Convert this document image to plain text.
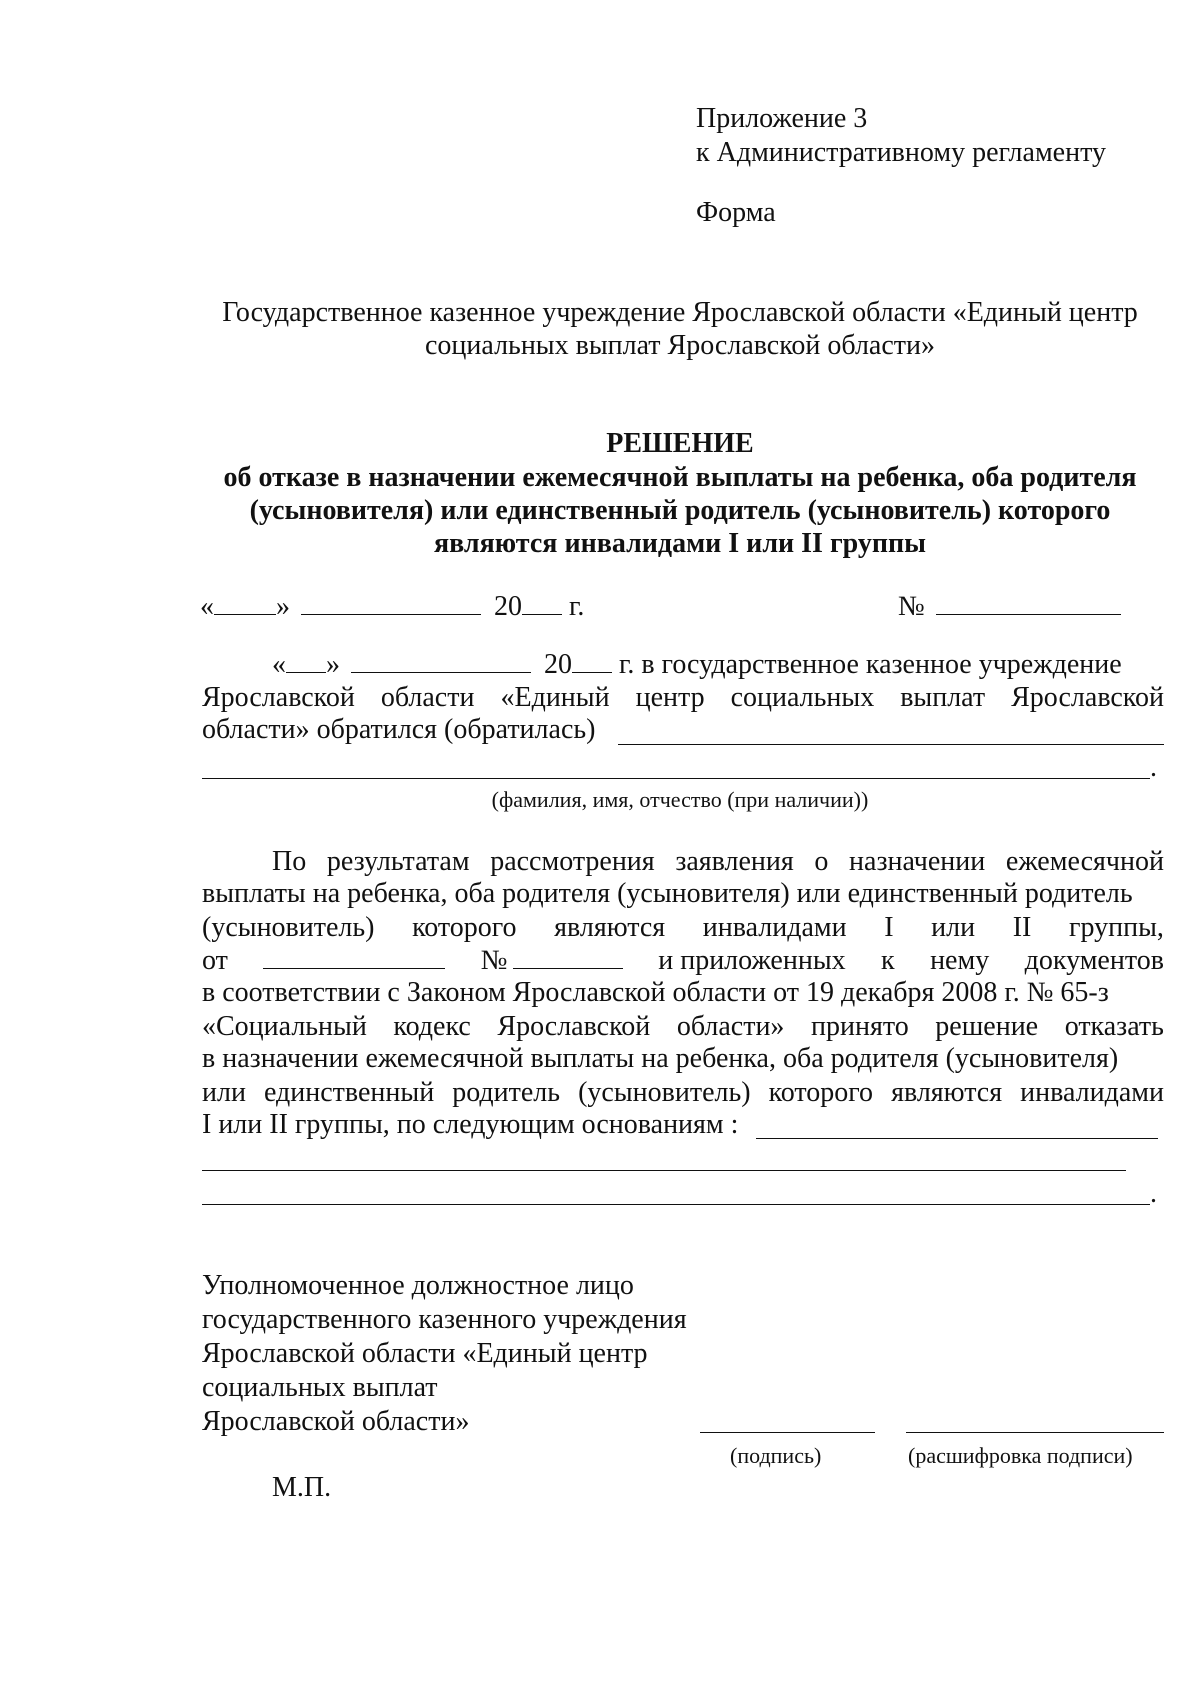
Приложение 3
к Административному регламенту
Форма
Государственное казенное учреждение Ярославской области «Единый центр
социальных выплат Ярославской области»
РЕШЕНИЕ
об отказе в назначении ежемесячной выплаты на ребенка, оба родителя
(усыновителя) или единственный родитель (усыновитель) которого
являются инвалидами I или II группы
« »	20 г.	№
« »	20 г. в государственное казенное учреждение
Ярославской области «Единый центр социальных выплат Ярославской
области» обратился (обратилась)
.
(фамилия, имя, отчество (при наличии))
По результатам рассмотрения заявления о назначении ежемесячной
выплаты на ребенка, оба родителя (усыновителя) или единственный родитель
(усыновитель) которого являются инвалидами I или II группы,
от	№	и приложенных к нему документов
в соответствии с Законом Ярославской области от 19 декабря 2008 г. № 65-з
«Социальный кодекс Ярославской области» принято решение отказать
в назначении ежемесячной выплаты на ребенка, оба родителя (усыновителя)
или единственный родитель (усыновитель) которого являются инвалидами
I или II группы, по следующим основаниям :
.
Уполномоченное должностное лицо
государственного казенного учреждения
Ярославской области «Единый центр
социальных выплат
Ярославской области»
(подпись)	(расшифровка подписи)
М.П.
